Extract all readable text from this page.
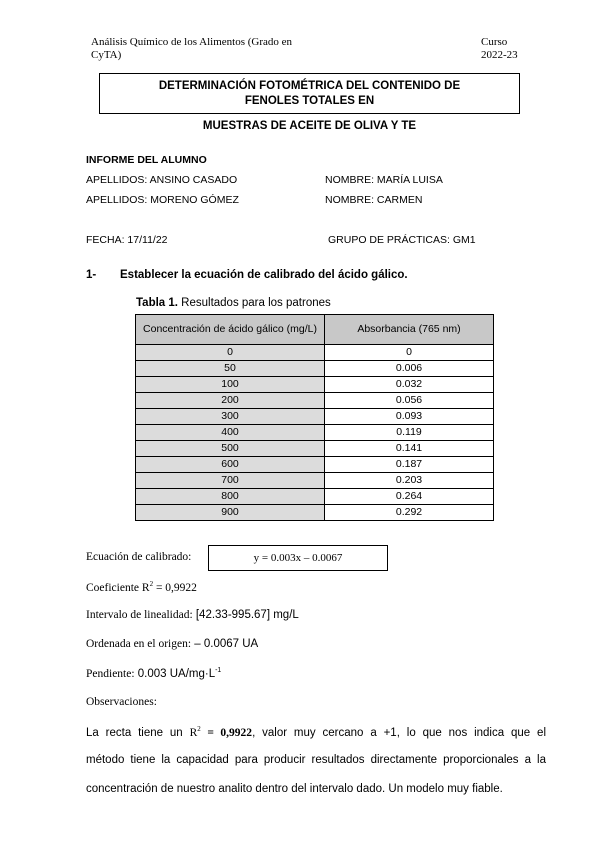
Análisis Químico de los Alimentos (Grado en CyTA)
Curso
2022-23
DETERMINACIÓN FOTOMÉTRICA DEL CONTENIDO DE
FENOLES TOTALES EN
MUESTRAS DE ACEITE DE OLIVA Y TE
INFORME DEL ALUMNO
APELLIDOS: ANSINO CASADO	NOMBRE: MARÍA LUISA
APELLIDOS: MORENO GÓMEZ	NOMBRE: CARMEN
FECHA: 17/11/22	GRUPO DE PRÁCTICAS: GM1
1- Establecer la ecuación de calibrado del ácido gálico.
Tabla 1. Resultados para los patrones
Concentración de ácido gálico (mg/L)	Absorbancia (765 nm)
0	0
50	0.006
100	0.032
200	0.056
300	0.093
400	0.119
500	0.141
600	0.187
700	0.203
800	0.264
900	0.292
Ecuación de calibrado:	y = 0.003x – 0.0067
Coeficiente $R^2 = 0,9922$
Intervalo de linealidad: [42.33-995.67] mg/L
Ordenada en el origen: – 0.0067 UA
Pendiente: 0.003 $UA/mg\cdot L^{-1}$
Observaciones:
La recta tiene un $R^2 = 0,9922$, valor muy cercano a +1, lo que nos indica que el
método tiene la capacidad para producir resultados directamente proporcionales a la
concentración de nuestro analito dentro del intervalo dado. Un modelo muy fiable.
